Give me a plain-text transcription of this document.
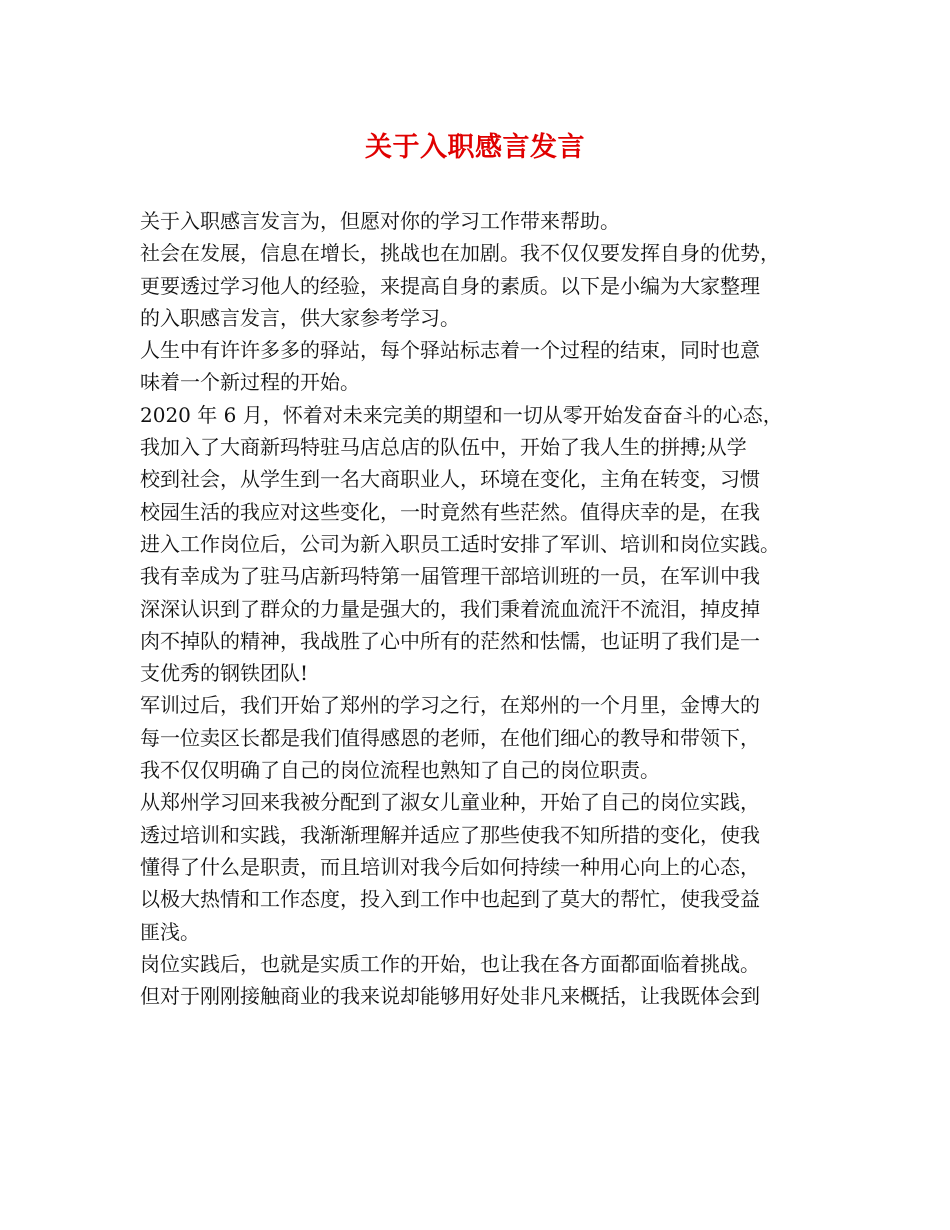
关于入职感言发言
关于入职感言发言为，但愿对你的学习工作带来帮助。
社会在发展，信息在增长，挑战也在加剧。我不仅仅要发挥自身的优势，
更要透过学习他人的经验，来提高自身的素质。以下是小编为大家整理
的入职感言发言，供大家参考学习。
人生中有许许多多的驿站，每个驿站标志着一个过程的结束，同时也意
味着一个新过程的开始。
2020 年 6 月，怀着对未来完美的期望和一切从零开始发奋奋斗的心态，
我加入了大商新玛特驻马店总店的队伍中，开始了我人生的拼搏;从学
校到社会，从学生到一名大商职业人，环境在变化，主角在转变，习惯
校园生活的我应对这些变化，一时竟然有些茫然。值得庆幸的是，在我
进入工作岗位后，公司为新入职员工适时安排了军训、培训和岗位实践。
我有幸成为了驻马店新玛特第一届管理干部培训班的一员，在军训中我
深深认识到了群众的力量是强大的，我们秉着流血流汗不流泪，掉皮掉
肉不掉队的精神，我战胜了心中所有的茫然和怯懦，也证明了我们是一
支优秀的钢铁团队!
军训过后，我们开始了郑州的学习之行，在郑州的一个月里，金博大的
每一位卖区长都是我们值得感恩的老师，在他们细心的教导和带领下，
我不仅仅明确了自己的岗位流程也熟知了自己的岗位职责。
从郑州学习回来我被分配到了淑女儿童业种，开始了自己的岗位实践，
透过培训和实践，我渐渐理解并适应了那些使我不知所措的变化，使我
懂得了什么是职责，而且培训对我今后如何持续一种用心向上的心态，
以极大热情和工作态度，投入到工作中也起到了莫大的帮忙，使我受益
匪浅。
岗位实践后，也就是实质工作的开始，也让我在各方面都面临着挑战。
但对于刚刚接触商业的我来说却能够用好处非凡来概括，让我既体会到
